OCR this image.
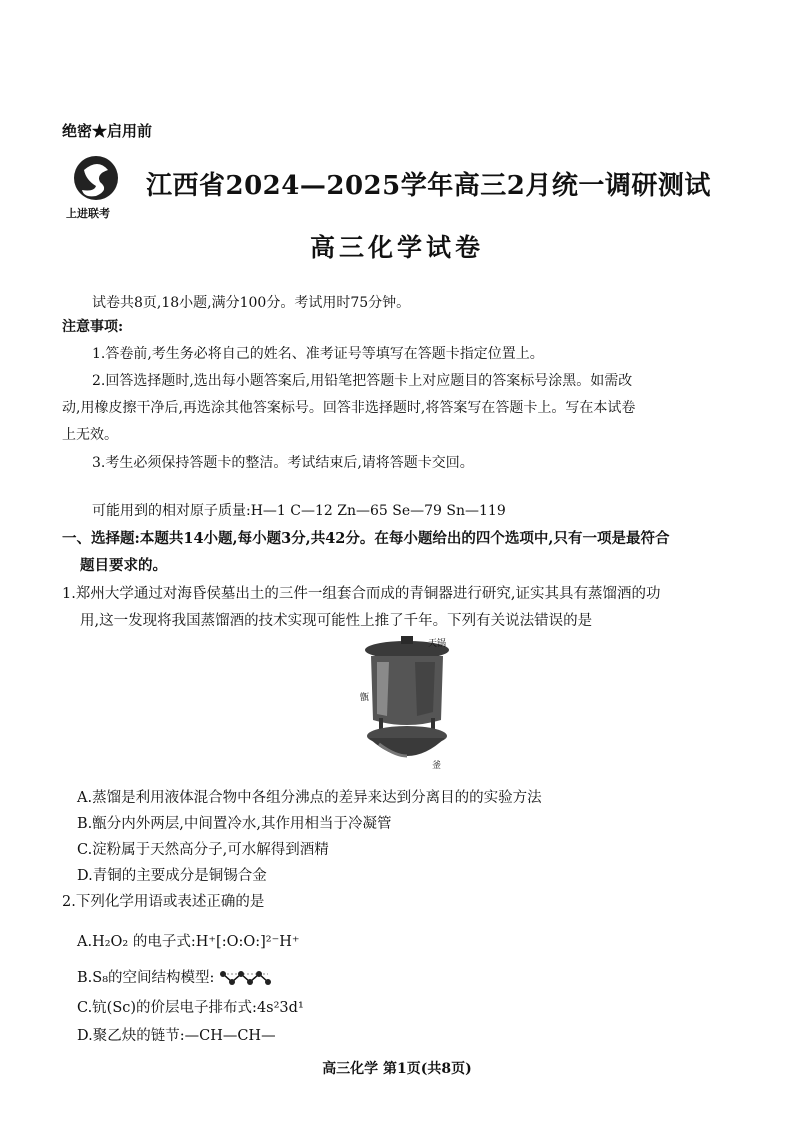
绝密★启用前
上进联考
江西省2024—2025学年高三2月统一调研测试
高三化学试卷
试卷共8页,18小题,满分100分。考试用时75分钟。
注意事项:
1.答卷前,考生务必将自己的姓名、准考证号等填写在答题卡指定位置上。
2.回答选择题时,选出每小题答案后,用铅笔把答题卡上对应题目的答案标号涂黑。如需改
动,用橡皮擦干净后,再选涂其他答案标号。回答非选择题时,将答案写在答题卡上。写在本试卷
上无效。
3.考生必须保持答题卡的整洁。考试结束后,请将答题卡交回。
可能用到的相对原子质量:H—1 C—12 Zn—65 Se—79 Sn—119
一、选择题:本题共14小题,每小题3分,共42分。在每小题给出的四个选项中,只有一项是最符合
题目要求的。
1.郑州大学通过对海昏侯墓出土的三件一组套合而成的青铜器进行研究,证实其具有蒸馏酒的功
用,这一发现将我国蒸馏酒的技术实现可能性上推了千年。下列有关说法错误的是
天锅
甑
釜
A.蒸馏是利用液体混合物中各组分沸点的差异来达到分离目的的实验方法
B.甑分内外两层,中间置冷水,其作用相当于冷凝管
C.淀粉属于天然高分子,可水解得到酒精
D.青铜的主要成分是铜锡合金
2.下列化学用语或表述正确的是
A.H₂O₂ 的电子式:H⁺[:O:O:]²⁻H⁺
B.S₈的空间结构模型:
C.钪(Sc)的价层电子排布式:4s²3d¹
D.聚乙炔的链节:—CH—CH—
高三化学 第1页(共8页)
